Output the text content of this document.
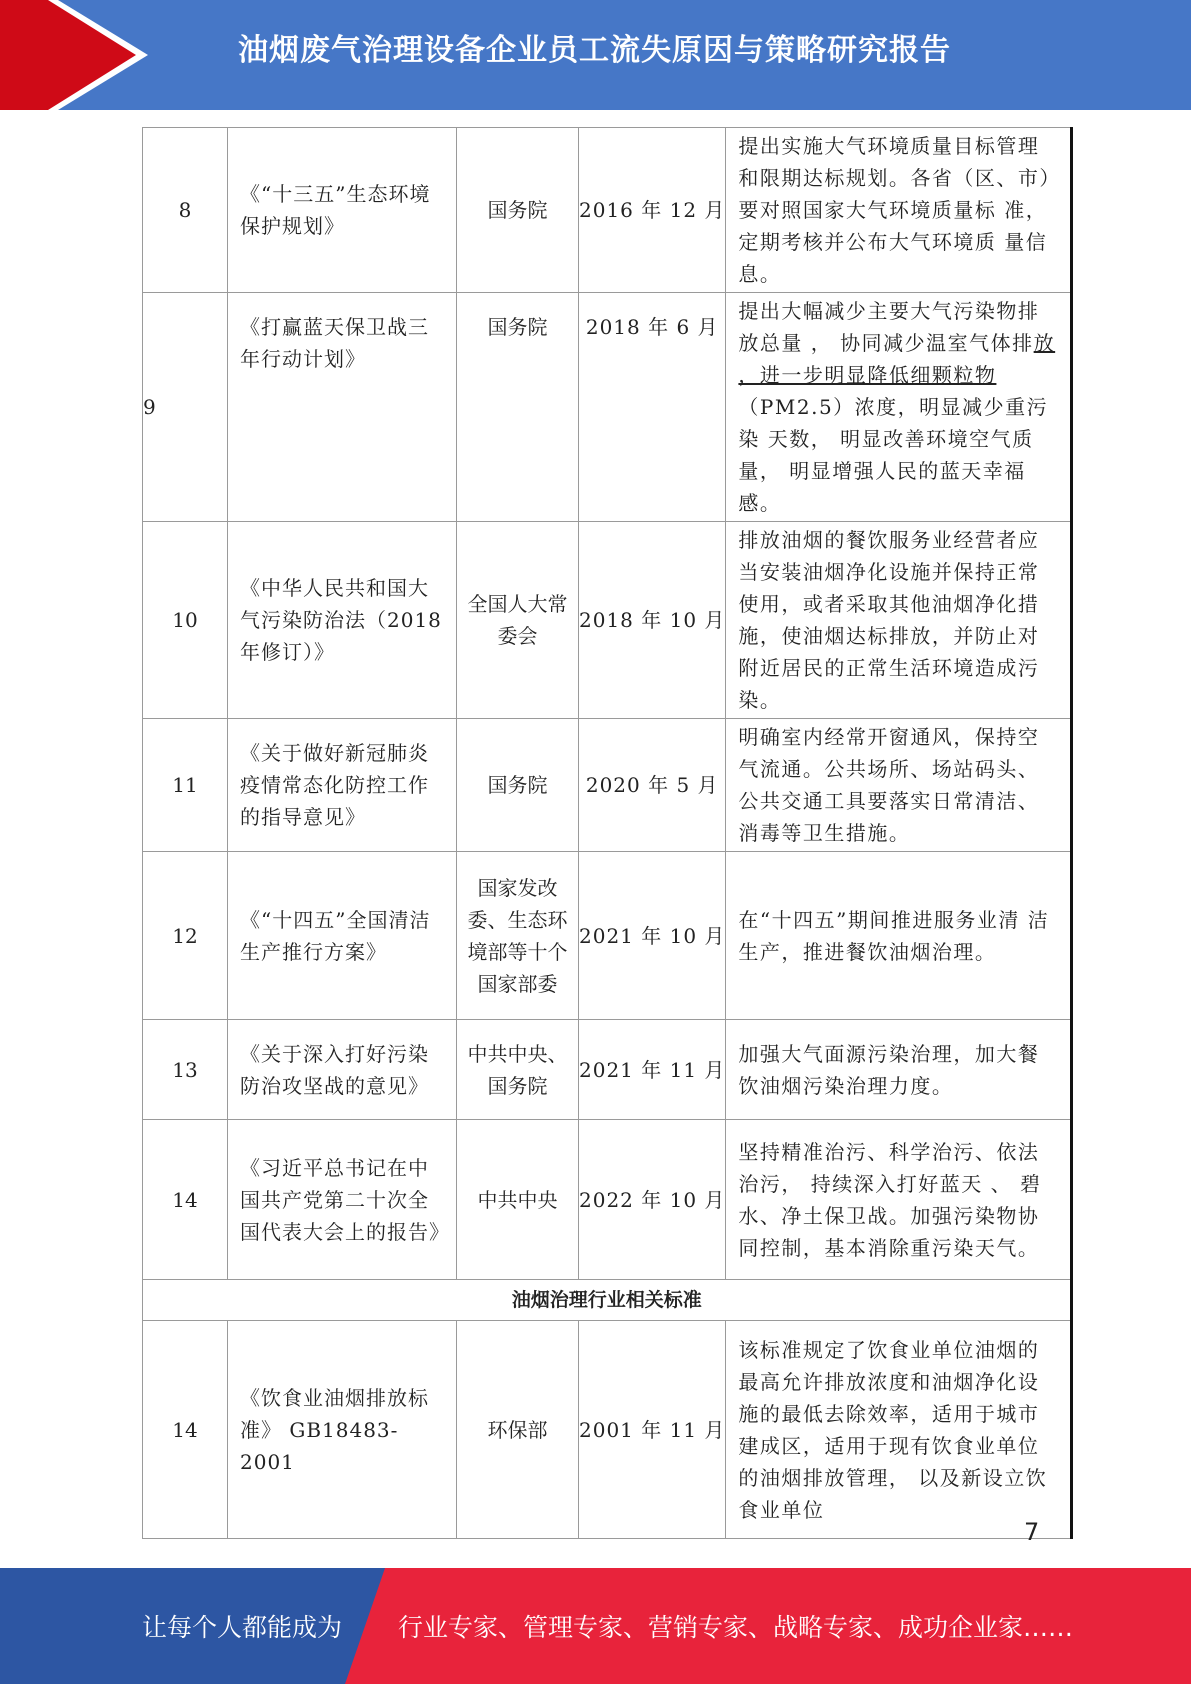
油烟废气治理设备企业员工流失原因与策略研究报告
8	《“十三五”生态环境保护规划》	国务院	2016 年 12 月	提出实施大气环境质量目标管理 和限期达标规划。各省（区、市）要对照国家大气环境质量标 准， 定期考核并公布大气环境质 量信息。
9	《打赢蓝天保卫战三年行动计划》	国务院	2018 年 6 月	提出大幅减少主要大气污染物排放总量 ， 协同减少温室气体排放 ，进一步明显降低细颗粒物（PM2.5）浓度，明显减少重污染 天数， 明显改善环境空气质量， 明显增强人民的蓝天幸福感。
10	《中华人民共和国大气污染防治法（2018 年修订）》	全国人大常委会	2018 年 10 月	排放油烟的餐饮服务业经营者应 当安装油烟净化设施并保持正常 使用，或者采取其他油烟净化措 施，使油烟达标排放，并防止对 附近居民的正常生活环境造成污 染。
11	《关于做好新冠肺炎疫情常态化防控工作的指导意见》	国务院	2020 年 5 月	明确室内经常开窗通风，保持空 气流通。公共场所、场站码头、 公共交通工具要落实日常清洁、 消毒等卫生措施。
12	《“十四五”全国清洁生产推行方案》	国家发改委、生态环境部等十个国家部委	2021 年 10 月	在“十四五”期间推进服务业清 洁生产，推进餐饮油烟治理。
13	《关于深入打好污染防治攻坚战的意见》	中共中央、国务院	2021 年 11 月	加强大气面源污染治理，加大餐 饮油烟污染治理力度。
14	《习近平总书记在中国共产党第二十次全国代表大会上的报告》	中共中央	2022 年 10 月	坚持精准治污、科学治污、依法 治污， 持续深入打好蓝天 、 碧 水、净土保卫战。加强污染物协 同控制，基本消除重污染天气。
油烟治理行业相关标准				
14	《饮食业油烟排放标 准》 GB18483-2001	环保部	2001 年 11 月	该标准规定了饮食业单位油烟的 最高允许排放浓度和油烟净化设 施的最低去除效率，适用于城市 建成区，适用于现有饮食业单位 的油烟排放管理， 以及新设立饮 食业单位
7
让每个人都能成为 行业专家、管理专家、营销专家、战略专家、成功企业家……
